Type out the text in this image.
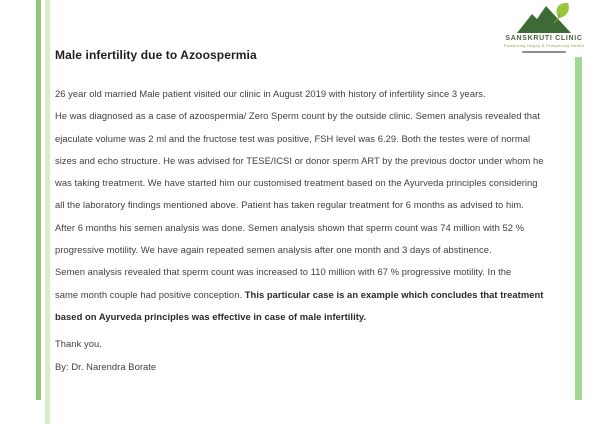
SANSKRUTI CLINIC
Preserving Happy & Prosperous Health
Male infertility due to Azoospermia
26 year old married Male patient visited our clinic in August 2019 with history of infertility since 3 years.
He was diagnosed as a case of azoospermia/ Zero Sperm count by the outside clinic. Semen analysis revealed that
ejaculate volume was 2 ml and the fructose test was positive, FSH level was 6.29. Both the testes were of normal
sizes and echo structure. He was advised for TESE/ICSI or donor sperm ART by the previous doctor under whom he
was taking treatment. We have started him our customised treatment based on the Ayurveda principles considering
all the laboratory findings mentioned above. Patient has taken regular treatment for 6 months as advised to him.
After 6 months his semen analysis was done. Semen analysis shown that sperm count was 74 million with 52 %
progressive motility. We have again repeated semen analysis after one month and 3 days of abstinence.
Semen analysis revealed that sperm count was increased to 110 million with 67 % progressive motility. In the
same month couple had positive conception. This particular case is an example which concludes that treatment
based on Ayurveda principles was effective in case of male infertility.
Thank you.
By: Dr. Narendra Borate
